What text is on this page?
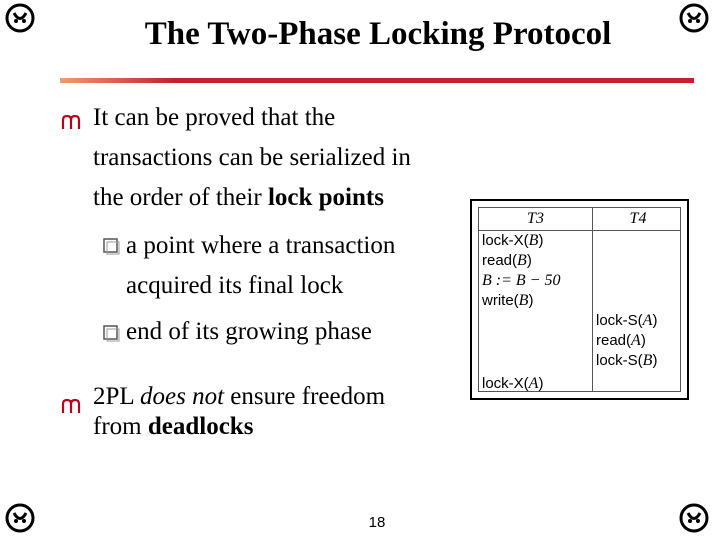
The Two-Phase Locking Protocol
It can be proved that the
transactions can be serialized in
the order of their lock points
a point where a transaction
acquired its final lock
end of its growing phase
2PL does not ensure freedom
from deadlocks
T3	T4
lock-X(B)
read(B)
B := B − 50
write(B)
lock-S(A)
read(A)
lock-S(B)
lock-X(A)
18
